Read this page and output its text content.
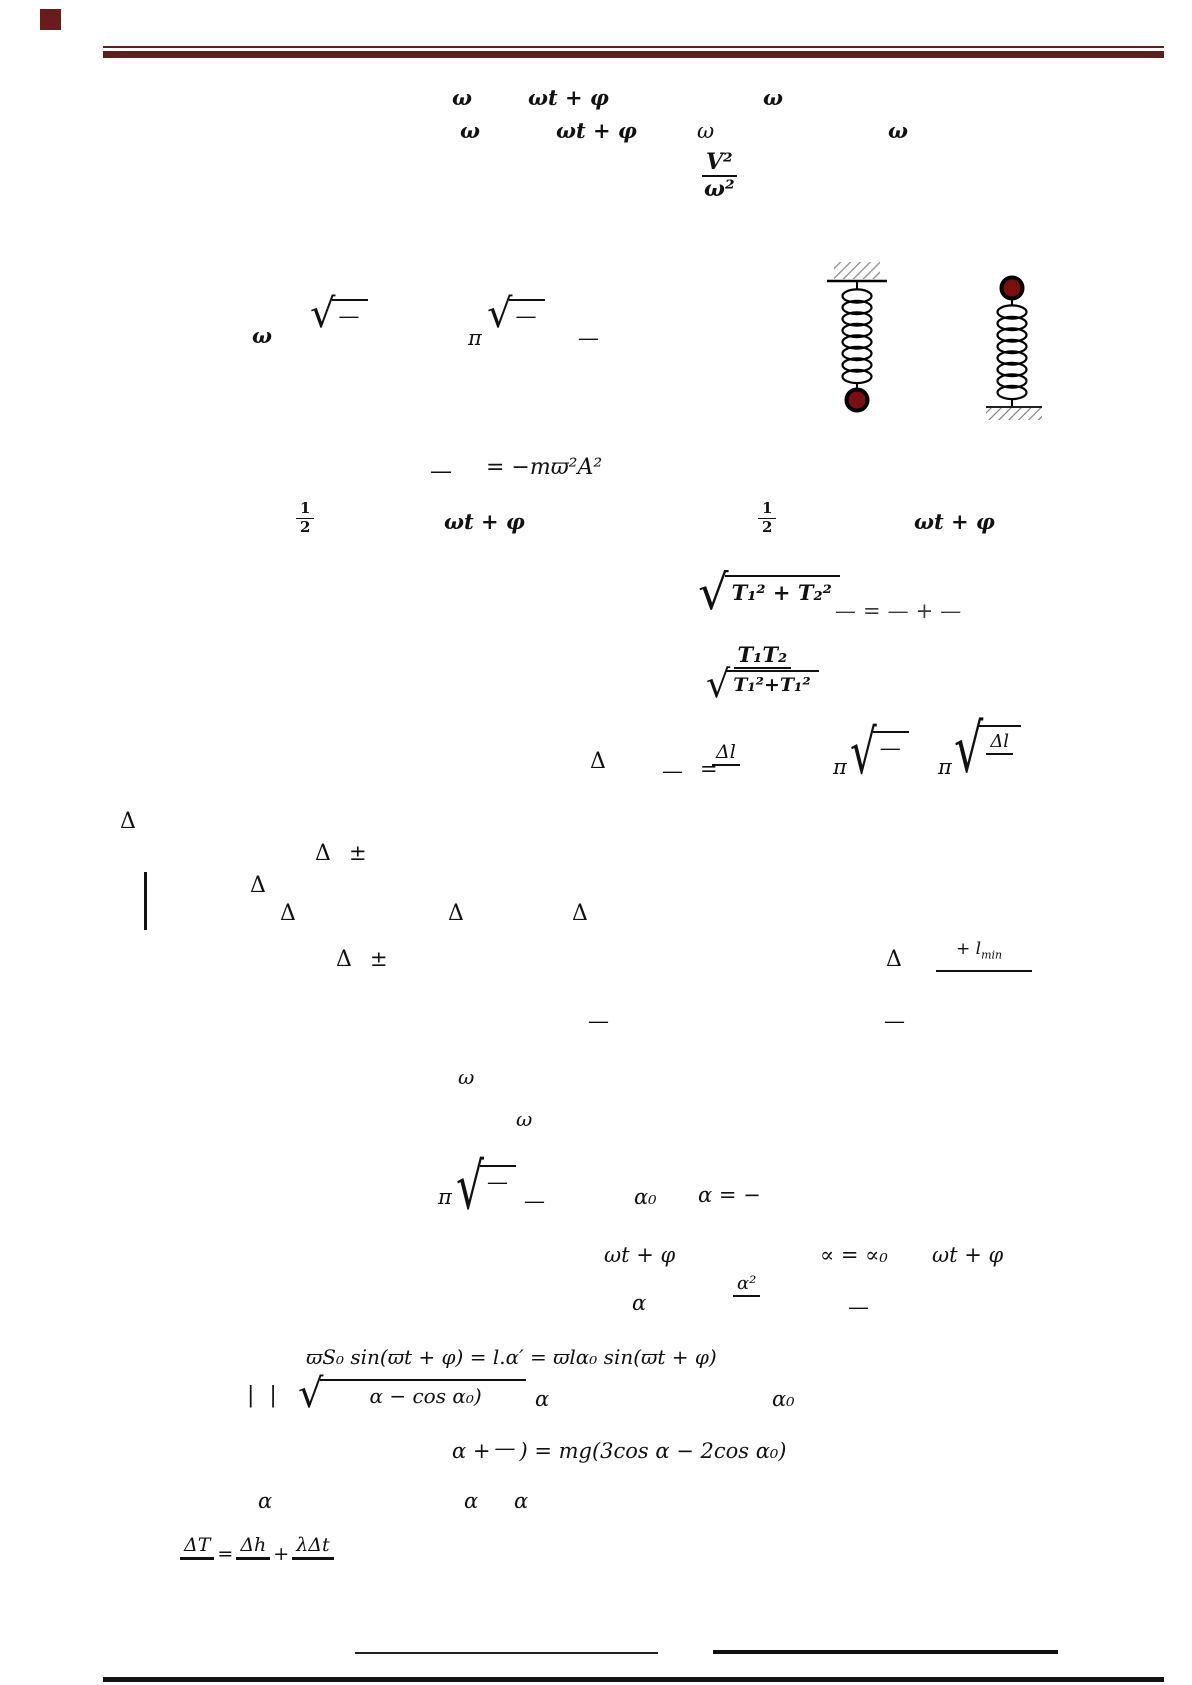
ω	ωt + φ	ω
ω	ωt + φ	ω	ω
$\frac{\text{V²}}{\text{ω²}}$
ω √ —
π
√ —
—
— = −mϖ²A²
$\frac{1}{2}$	ωt + φ	$\frac{1}{2}$	ωt + φ
√ T₁² + T₂²
— = — + —
$\frac{\text{T₁T₂}}{\text{√ T₁²+T₁²}}$
Δ	— =
Δl
π √ —
π √ Δl
Δ
Δ ±
Δ
Δ	Δ	Δ
Δ ±	Δ	+ $l_{min}$
—	—
ω
ω
π √ —
—	α₀ α = −
ωt + φ	∝ = ∝₀ ωt + φ
α
α²
—
ϖS₀ sin(ϖt + φ) = l.α′ = ϖlα₀ sin(ϖt + φ)
| | √	α − cos α₀)	α	α₀
α + — ) = mg(3cos α − 2cos α₀)
α	α α
ΔT = Δh + λΔt
